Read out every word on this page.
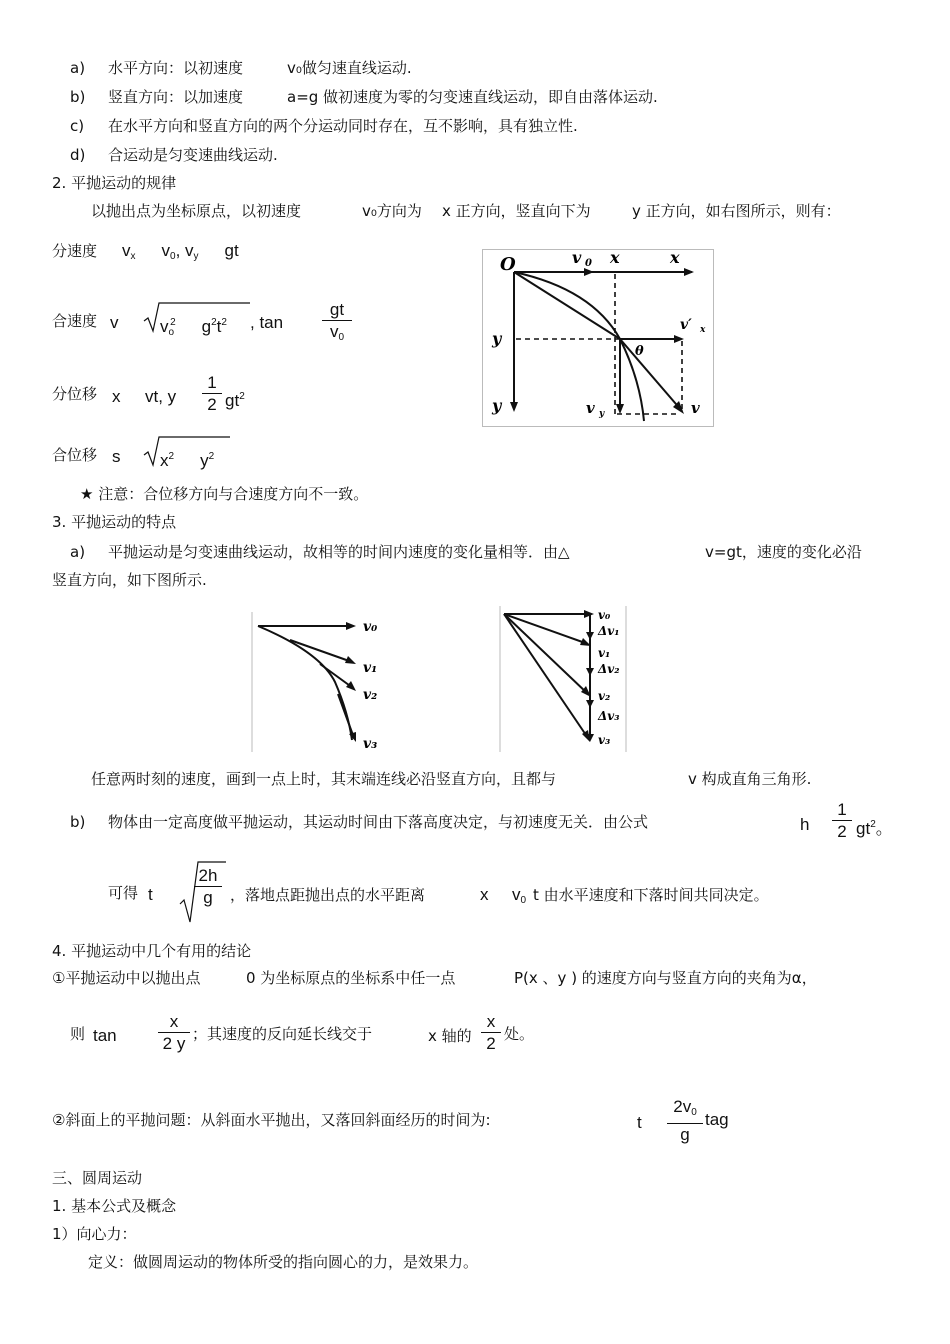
a) 水平方向：以初速度	v₀做匀速直线运动.
b) 竖直方向：以加速度	a=g 做初速度为零的匀变速直线运动，即自由落体运动.
c) 在水平方向和竖直方向的两个分运动同时存在，互不影响，具有独立性.
d) 合运动是匀变速曲线运动.
2. 平抛运动的规律
以抛出点为坐标原点，以初速度	v₀方向为 x 正方向，竖直向下为	y 正方向，如右图所示，则有：
分速度 $v_x$ $v_0$, $v_y$ gt
合速度 v $v_o^2$ $g^2t^2$ , $\tan \frac{gt}{v_0}$
分位移 x vt, y $\frac{1}{2} gt^2$
合位移 s $x^2$ $y^2$
O	v 0 x	x
y
y
v′ x
θ
v y	v
★ 注意：合位移方向与合速度方向不一致。
3. 平抛运动的特点
a) 平抛运动是匀变速曲线运动，故相等的时间内速度的变化量相等．由△	v=gt，速度的变化必沿
竖直方向，如下图所示.
v₀
v₁
v₂
v₃
v₀
Δv₁
v₁
Δv₂
v₂
Δv₃
v₃
任意两时刻的速度，画到一点上时，其末端连线必沿竖直方向，且都与	v 构成直角三角形.
b) 物体由一定高度做平抛运动，其运动时间由下落高度决定，与初速度无关．由公式	h $\frac{1}{2} gt^2$。
可得 t $\frac{2h}{g}$ ，落地点距抛出点的水平距离	x $v_0$ t 由水平速度和下落时间共同决定。
4. 平抛运动中几个有用的结论
①平抛运动中以抛出点	0 为坐标原点的坐标系中任一点	P(x 、y ) 的速度方向与竖直方向的夹角为α，
则 $\tan \frac{x}{2 y}$ ；其速度的反向延长线交于	x 轴的 $\frac{x}{2}$ 处。
②斜面上的平抛问题：从斜面水平抛出，又落回斜面经历的时间为:	t $\frac{2v_0}{g}$ tag
三、圆周运动
1. 基本公式及概念
1）向心力：
定义：做圆周运动的物体所受的指向圆心的力，是效果力。
